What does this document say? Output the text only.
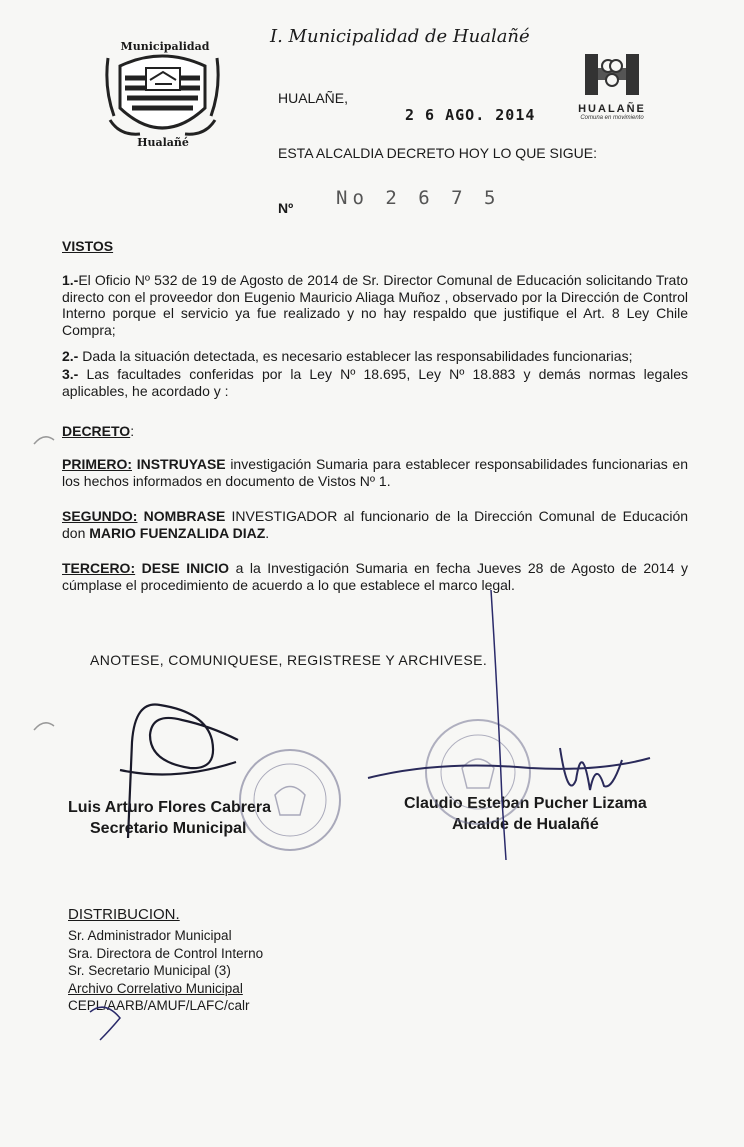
Municipalidad
Hualañé
I. Municipalidad de Hualañé
HUALAÑE
Comuna en movimiento
HUALAÑE,
2 6 AGO. 2014
ESTA ALCALDIA DECRETO HOY LO QUE SIGUE:
Nº No 2 6 7 5
VISTOS
1.-El Oficio Nº 532 de 19 de Agosto de 2014 de Sr. Director Comunal de Educación solicitando Trato directo con el proveedor don Eugenio Mauricio Aliaga Muñoz , observado por la Dirección de Control Interno porque el servicio ya fue realizado y no hay respaldo que justifique el Art. 8 Ley Chile Compra;
2.- Dada la situación detectada, es necesario establecer las responsabilidades funcionarias;
3.- Las facultades conferidas por la Ley Nº 18.695, Ley Nº 18.883 y demás normas legales aplicables, he acordado y :
DECRETO:
PRIMERO: INSTRUYASE investigación Sumaria para establecer responsabilidades funcionarias en los hechos informados en documento de Vistos Nº 1.
SEGUNDO: NOMBRASE INVESTIGADOR al funcionario de la Dirección Comunal de Educación don MARIO FUENZALIDA DIAZ.
TERCERO: DESE INICIO a la Investigación Sumaria en fecha Jueves 28 de Agosto de 2014 y cúmplase el procedimiento de acuerdo a lo que establece el marco legal.
ANOTESE, COMUNIQUESE, REGISTRESE Y ARCHIVESE.
Luis Arturo Flores Cabrera
Secretario Municipal
Claudio Esteban Pucher Lizama
Alcalde de Hualañé
DISTRIBUCION.
Sr. Administrador Municipal
Sra. Directora de Control Interno
Sr. Secretario Municipal (3)
Archivo Correlativo Municipal
CEPL/AARB/AMUF/LAFC/calr
